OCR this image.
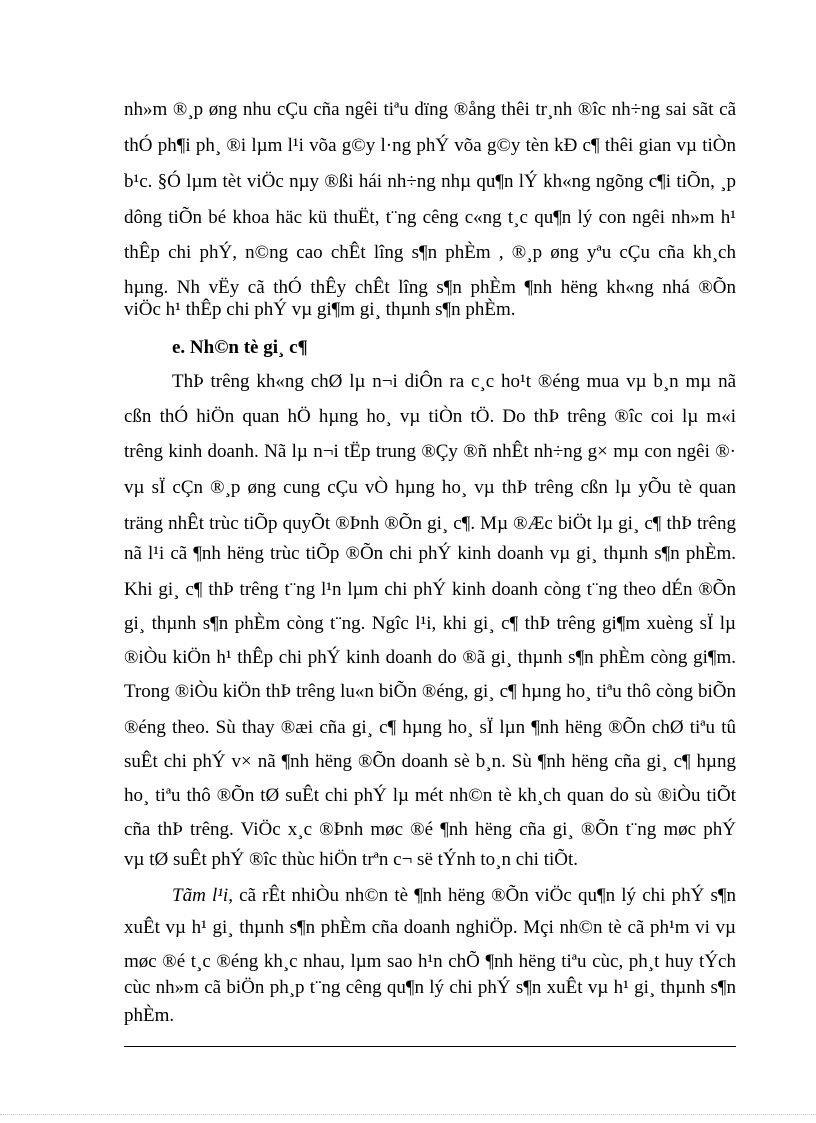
nh»m ®¸p øng nhu cÇu cña ngêi tiªu dïng ®ång thêi tr¸nh ®îc nh÷ng sai sãt cã
thÓ ph¶i ph¸ ®i lµm l¹i võa g©y l·ng phÝ võa g©y tèn kÐ c¶ thêi gian vµ tiÒn
b¹c. §Ó lµm tèt viÖc nµy ®ßi hái nh÷ng nhµ qu¶n lÝ kh«ng ngõng c¶i tiÕn, ¸p
dông tiÕn bé khoa häc kü thuËt, t¨ng cêng c«ng t¸c qu¶n lý con ngêi nh»m h¹
thÊp chi phÝ, n©ng cao chÊt lîng s¶n phÈm , ®¸p øng yªu cÇu cña kh¸ch
hµng. Nh vËy cã thÓ thÊy chÊt lîng s¶n phÈm ¶nh hëng kh«ng nhá ®Õn
viÖc h¹ thÊp chi phÝ vµ gi¶m gi¸ thµnh s¶n phÈm.
e. Nh©n tè gi¸ c¶
ThÞ trêng kh«ng chØ lµ n¬i diÔn ra c¸c ho¹t ®éng mua vµ b¸n mµ nã
cßn thÓ hiÖn quan hÖ hµng ho¸ vµ tiÒn tÖ. Do thÞ trêng ®îc coi lµ m«i
trêng kinh doanh. Nã lµ n¬i tËp trung ®Çy ®ñ nhÊt nh÷ng g× mµ con ngêi ®·
vµ sÏ cÇn ®¸p øng cung cÇu vÒ hµng ho¸ vµ thÞ trêng cßn lµ yÕu tè quan
träng nhÊt trùc tiÕp quyÕt ®Þnh ®Õn gi¸ c¶. Mµ ®Æc biÖt lµ gi¸ c¶ thÞ trêng
nã l¹i cã ¶nh hëng trùc tiÕp ®Õn chi phÝ kinh doanh vµ gi¸ thµnh s¶n phÈm.
Khi gi¸ c¶ thÞ trêng t¨ng l¹n lµm chi phÝ kinh doanh còng t¨ng theo dÉn ®Õn
gi¸ thµnh s¶n phÈm còng t¨ng. Ngîc l¹i, khi gi¸ c¶ thÞ trêng gi¶m xuèng sÏ lµ
®iÒu kiÖn h¹ thÊp chi phÝ kinh doanh do ®ã gi¸ thµnh s¶n phÈm còng gi¶m.
Trong ®iÒu kiÖn thÞ trêng lu«n biÕn ®éng, gi¸ c¶ hµng ho¸ tiªu thô còng biÕn
®éng theo. Sù thay ®æi cña gi¸ c¶ hµng ho¸ sÏ lµn ¶nh hëng ®Õn chØ tiªu tû
suÊt chi phÝ v× nã ¶nh hëng ®Õn doanh sè b¸n. Sù ¶nh hëng cña gi¸ c¶ hµng
ho¸ tiªu thô ®Õn tØ suÊt chi phÝ lµ mét nh©n tè kh¸ch quan do sù ®iÒu tiÕt
cña thÞ trêng. ViÖc x¸c ®Þnh møc ®é ¶nh hëng cña gi¸ ®Õn t¨ng møc phÝ
vµ tØ suÊt phÝ ®îc thùc hiÖn trªn c¬ së tÝnh to¸n chi tiÕt.
Tãm l¹i, cã rÊt nhiÒu nh©n tè ¶nh hëng ®Õn viÖc qu¶n lý chi phÝ s¶n
xuÊt vµ h¹ gi¸ thµnh s¶n phÈm cña doanh nghiÖp. Mçi nh©n tè cã ph¹m vi vµ
møc ®é t¸c ®éng kh¸c nhau, lµm sao h¹n chÕ ¶nh hëng tiªu cùc, ph¸t huy tÝch
cùc nh»m cã biÖn ph¸p t¨ng cêng qu¶n lý chi phÝ s¶n xuÊt vµ h¹ gi¸ thµnh s¶n
phÈm.
